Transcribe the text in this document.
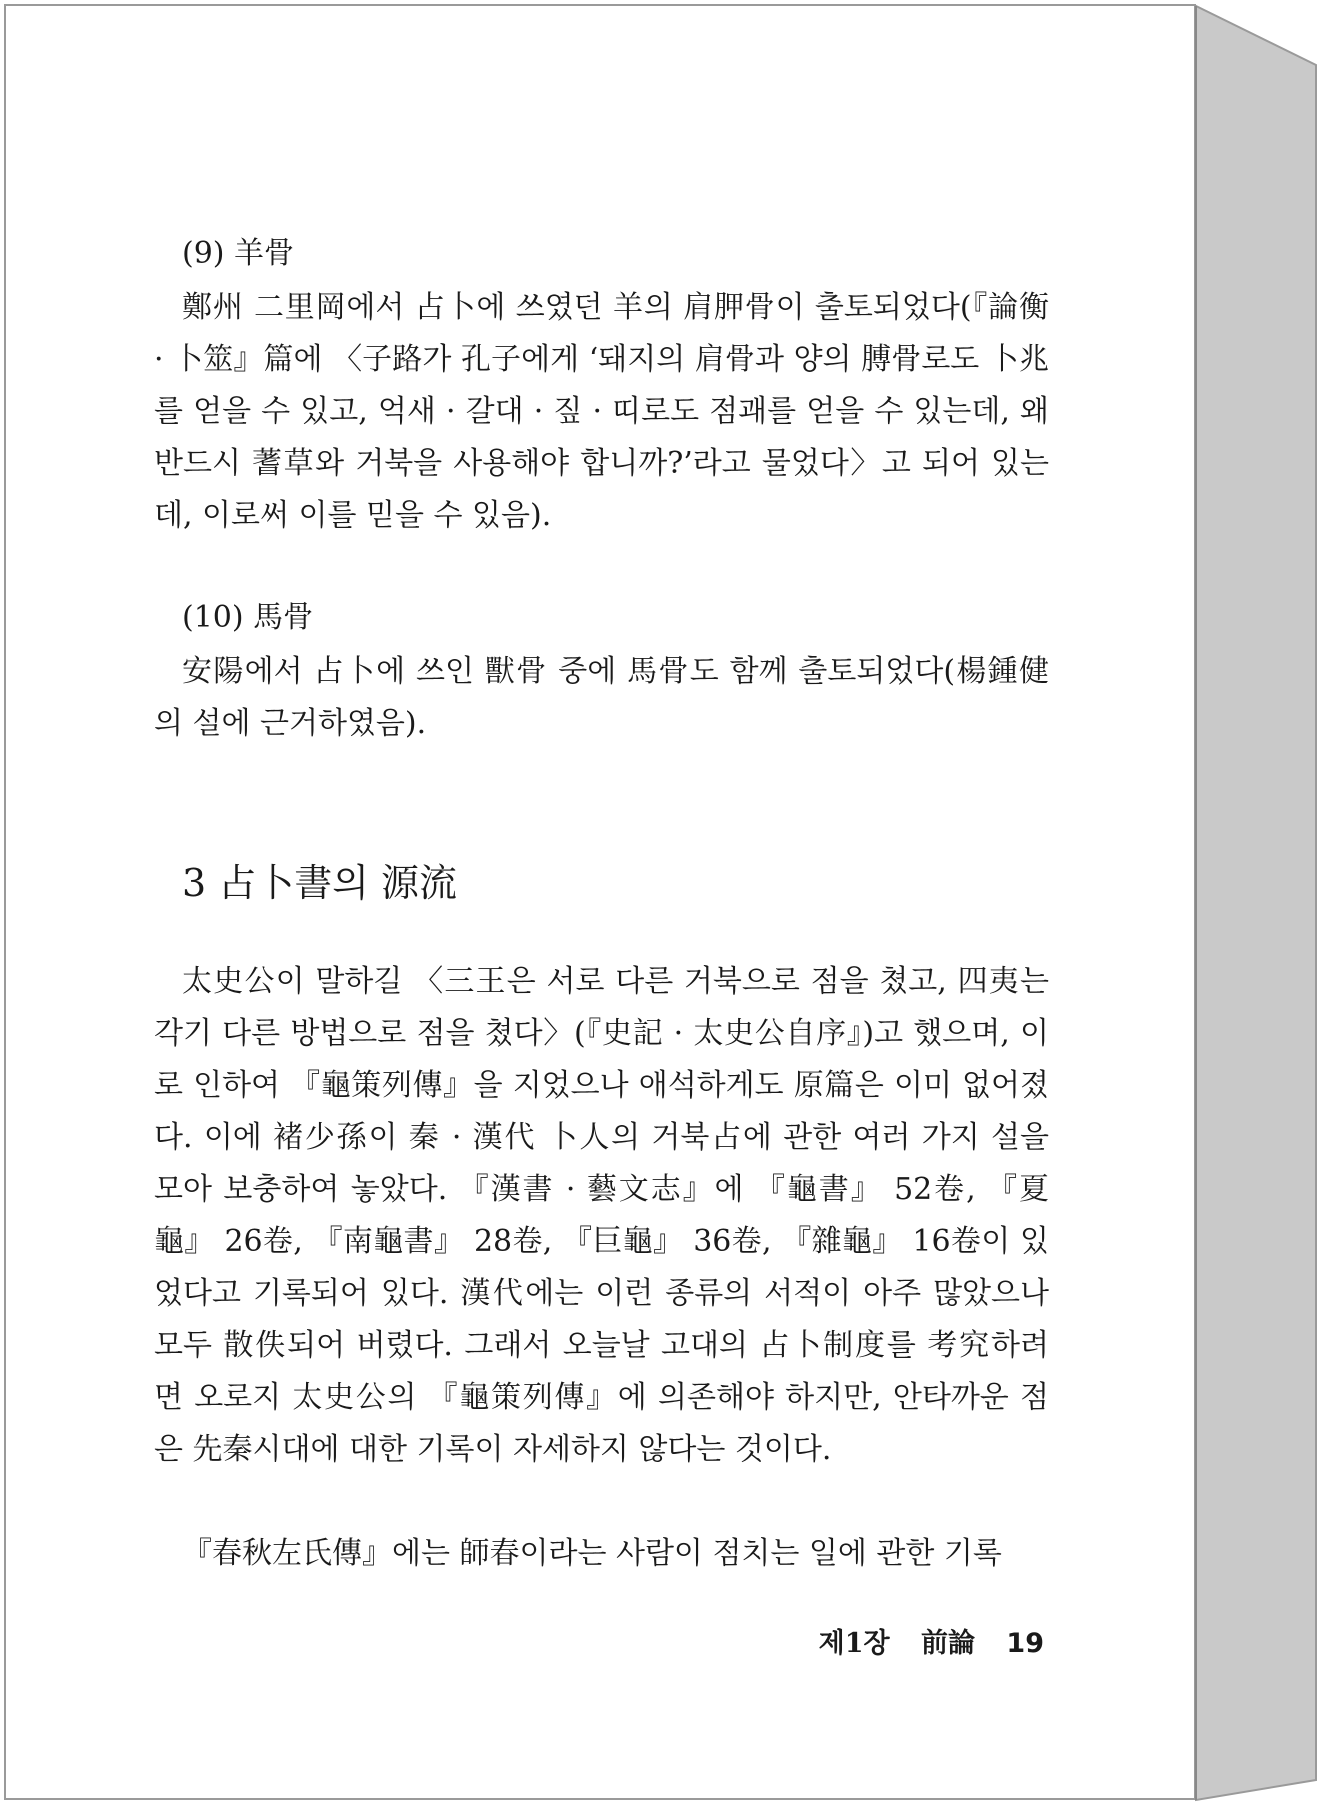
(9) 羊骨

鄭州 二里岡에서 占卜에 쓰였던 羊의 肩胛骨이 출토되었다(『論衡 · 卜筮』篇에 〈子路가 孔子에게 ‘돼지의 肩骨과 양의 膊骨로도 卜兆를 얻을 수 있고, 억새 · 갈대 · 짚 · 띠로도 점괘를 얻을 수 있는데, 왜 반드시 蓍草와 거북을 사용해야 합니까?’라고 물었다〉고 되어 있는데, 이로써 이를 믿을 수 있음).

(10) 馬骨

安陽에서 占卜에 쓰인 獸骨 중에 馬骨도 함께 출토되었다(楊鍾健의 설에 근거하였음).

3 占卜書의 源流

太史公이 말하길 〈三王은 서로 다른 거북으로 점을 쳤고, 四夷는 각기 다른 방법으로 점을 쳤다〉(『史記 · 太史公自序』)고 했으며, 이로 인하여 『龜策列傳』을 지었으나 애석하게도 原篇은 이미 없어졌다. 이에 褚少孫이 秦 · 漢代 卜人의 거북占에 관한 여러 가지 설을 모아 보충하여 놓았다. 『漢書 · 藝文志』에 『龜書』 52卷, 『夏龜』 26卷, 『南龜書』 28卷, 『巨龜』 36卷, 『雜龜』 16卷이 있었다고 기록되어 있다. 漢代에는 이런 종류의 서적이 아주 많았으나 모두 散佚되어 버렸다. 그래서 오늘날 고대의 占卜制度를 考究하려면 오로지 太史公의 『龜策列傳』에 의존해야 하지만, 안타까운 점은 先秦시대에 대한 기록이 자세하지 않다는 것이다.

『春秋左氏傳』에는 師春이라는 사람이 점치는 일에 관한 기록

제1장 前論 19
